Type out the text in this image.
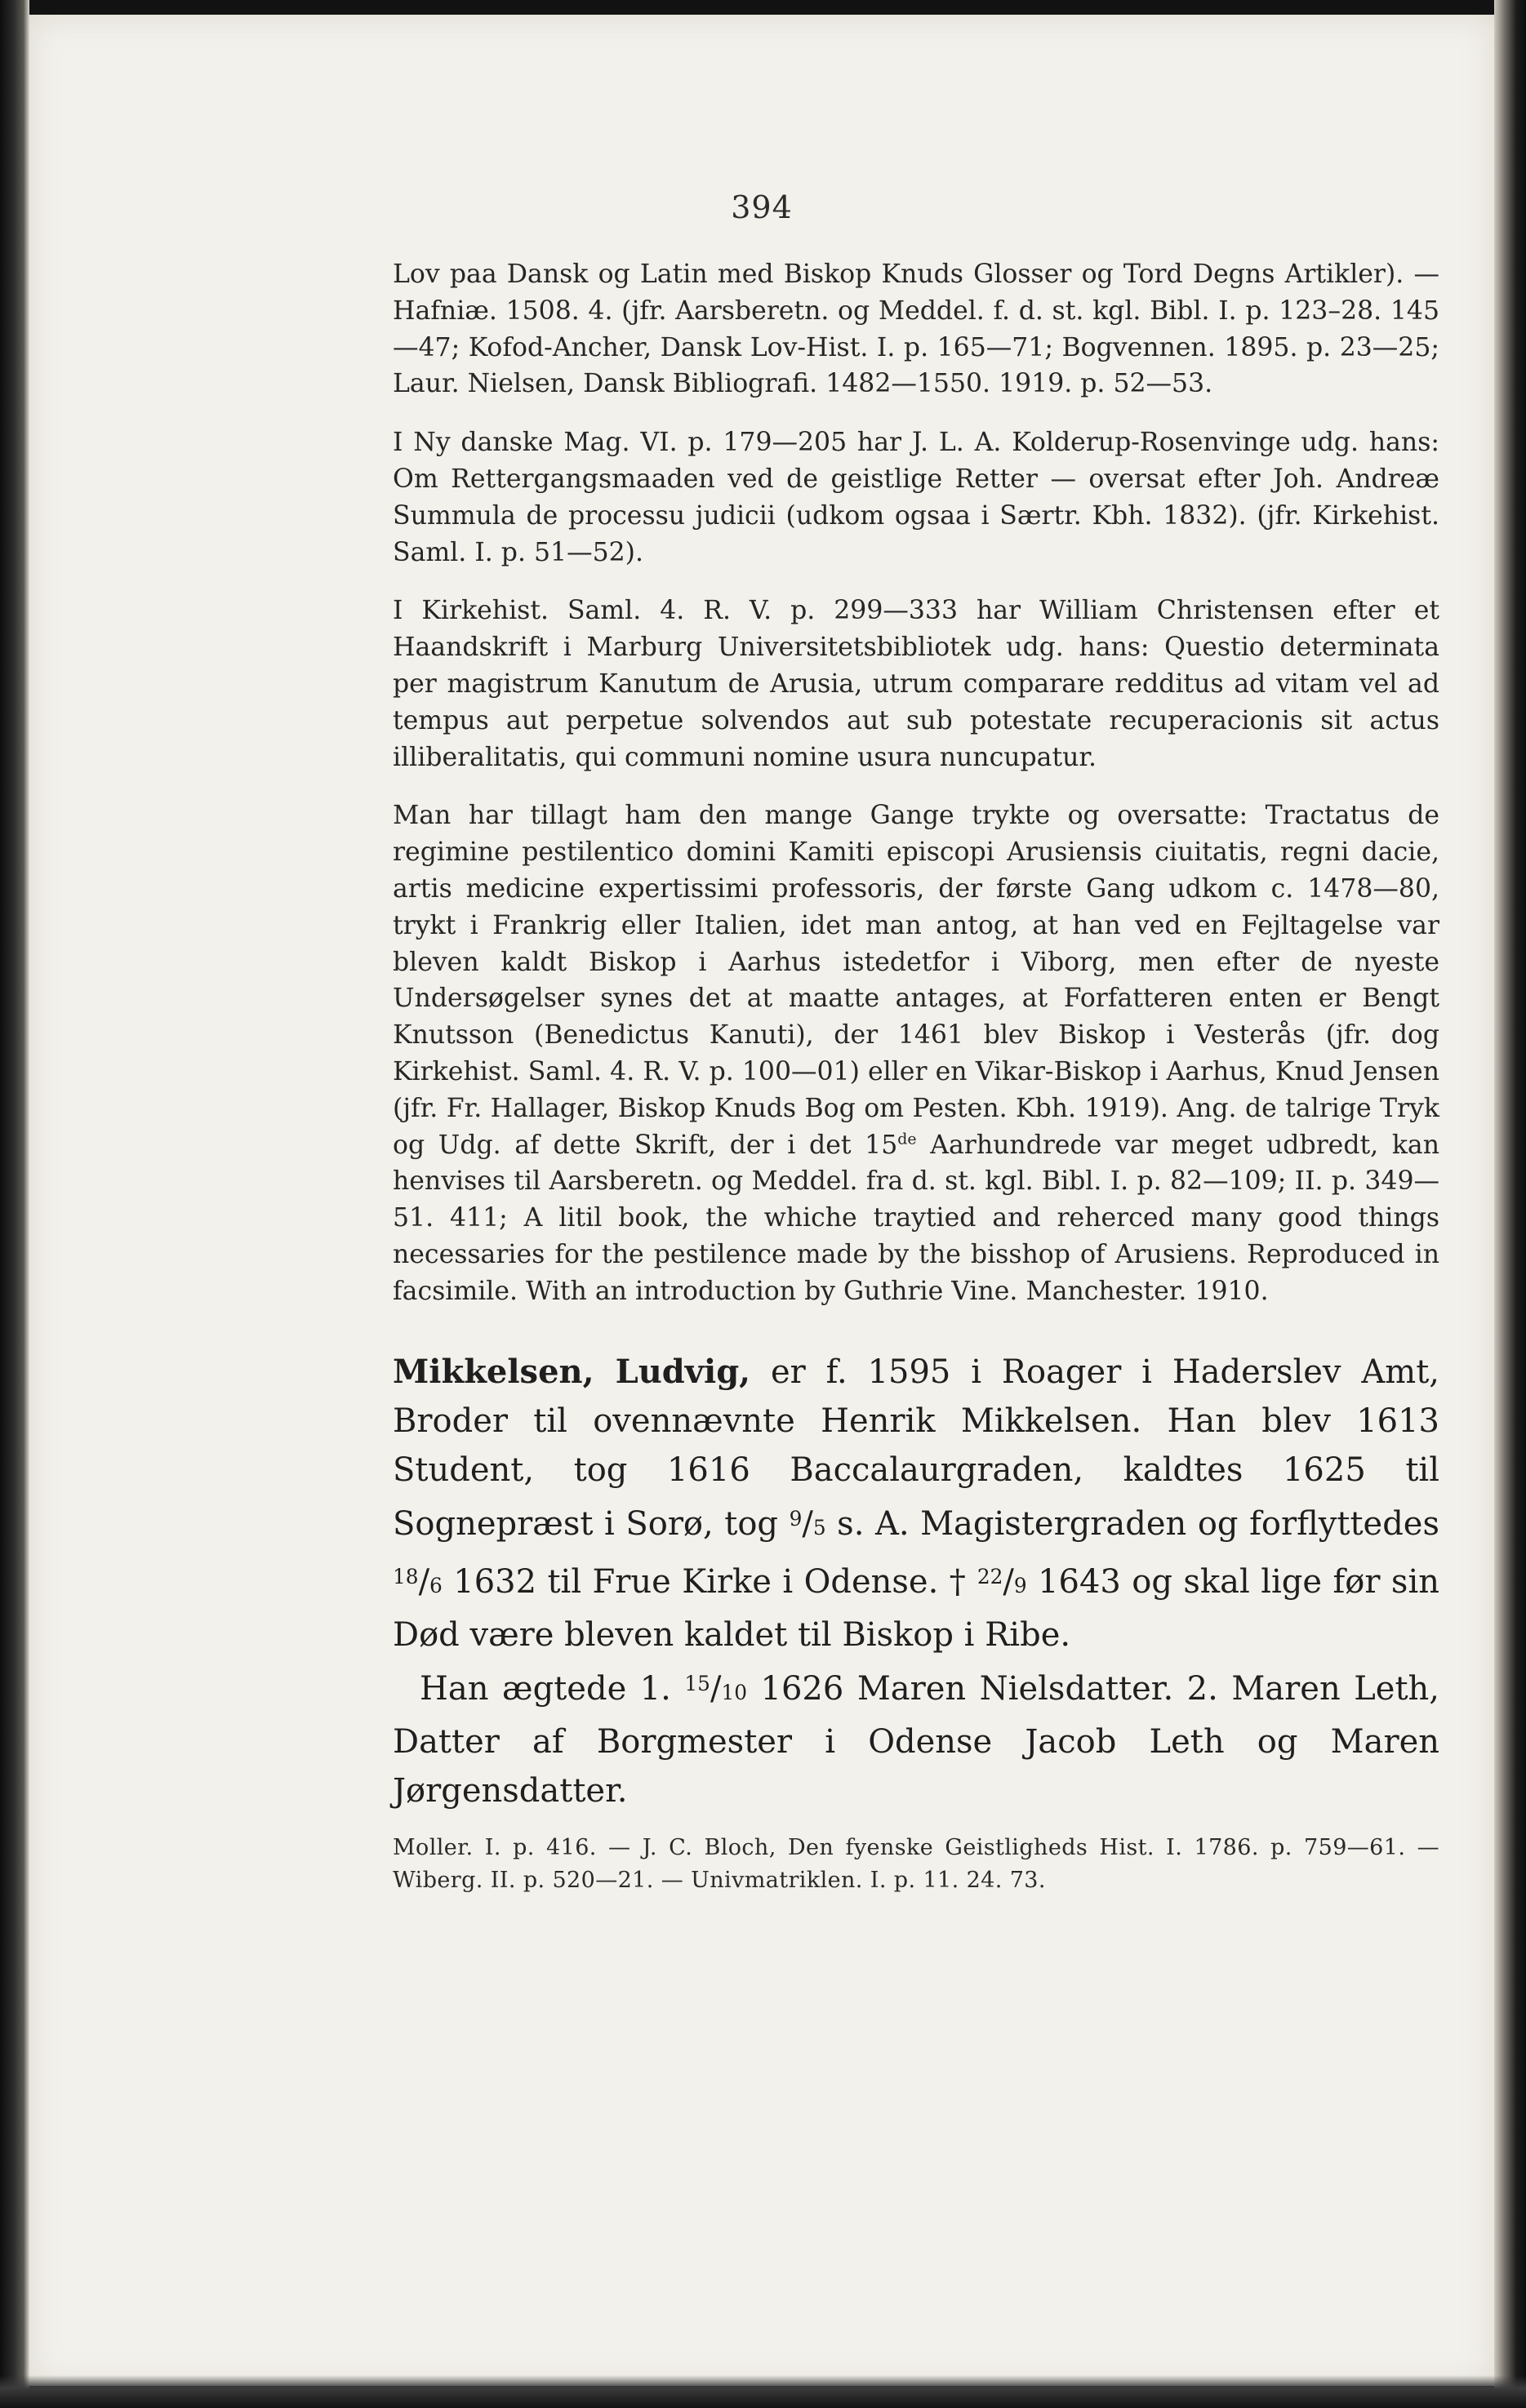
394

Lov paa Dansk og Latin med Biskop Knuds Glosser og Tord Degns Artikler). — Hafniæ. 1508. 4. (jfr. Aarsberetn. og Meddel. f. d. st. kgl. Bibl. I. p. 123–28. 145—47; Kofod-Ancher, Dansk Lov-Hist. I. p. 165—71; Bogvennen. 1895. p. 23—25; Laur. Nielsen, Dansk Bibliografi. 1482—1550. 1919. p. 52—53.

I Ny danske Mag. VI. p. 179—205 har J. L. A. Kolderup-Rosenvinge udg. hans: Om Rettergangsmaaden ved de geistlige Retter — oversat efter Joh. Andreæ Summula de processu judicii (udkom ogsaa i Særtr. Kbh. 1832). (jfr. Kirkehist. Saml. I. p. 51—52).

I Kirkehist. Saml. 4. R. V. p. 299—333 har William Christensen efter et Haandskrift i Marburg Universitetsbibliotek udg. hans: Questio determinata per magistrum Kanutum de Arusia, utrum comparare redditus ad vitam vel ad tempus aut perpetue solvendos aut sub potestate recuperacionis sit actus illiberalitatis, qui communi nomine usura nuncupatur.

Man har tillagt ham den mange Gange trykte og oversatte: Tractatus de regimine pestilentico domini Kamiti episcopi Arusiensis ciuitatis, regni dacie, artis medicine expertissimi professoris, der første Gang udkom c. 1478—80, trykt i Frankrig eller Italien, idet man antog, at han ved en Fejltagelse var bleven kaldt Biskop i Aarhus istedetfor i Viborg, men efter de nyeste Undersøgelser synes det at maatte antages, at Forfatteren enten er Bengt Knutsson (Benedictus Kanuti), der 1461 blev Biskop i Vesterås (jfr. dog Kirkehist. Saml. 4. R. V. p. 100—01) eller en Vikar-Biskop i Aarhus, Knud Jensen (jfr. Fr. Hallager, Biskop Knuds Bog om Pesten. Kbh. 1919). Ang. de talrige Tryk og Udg. af dette Skrift, der i det 15de Aarhundrede var meget udbredt, kan henvises til Aarsberetn. og Meddel. fra d. st. kgl. Bibl. I. p. 82—109; II. p. 349—51. 411; A litil book, the whiche traytied and reherced many good things necessaries for the pestilence made by the bisshop of Arusiens. Reproduced in facsimile. With an introduction by Guthrie Vine. Manchester. 1910.

Mikkelsen, Ludvig, er f. 1595 i Roager i Haderslev Amt, Broder til ovennævnte Henrik Mikkelsen. Han blev 1613 Student, tog 1616 Baccalaurgraden, kaldtes 1625 til Sognepræst i Sorø, tog $^9$/5 s. A. Magistergraden og forflyttedes $^{18}$/6 1632 til Frue Kirke i Odense. † $^{22}$/9 1643 og skal lige før sin Død være bleven kaldet til Biskop i Ribe.

Han ægtede 1. $^{15}$/10 1626 Maren Nielsdatter. 2. Maren Leth, Datter af Borgmester i Odense Jacob Leth og Maren Jørgensdatter.

Moller. I. p. 416. — J. C. Bloch, Den fyenske Geistligheds Hist. I. 1786. p. 759—61. — Wiberg. II. p. 520—21. — Univmatriklen. I. p. 11. 24. 73.
